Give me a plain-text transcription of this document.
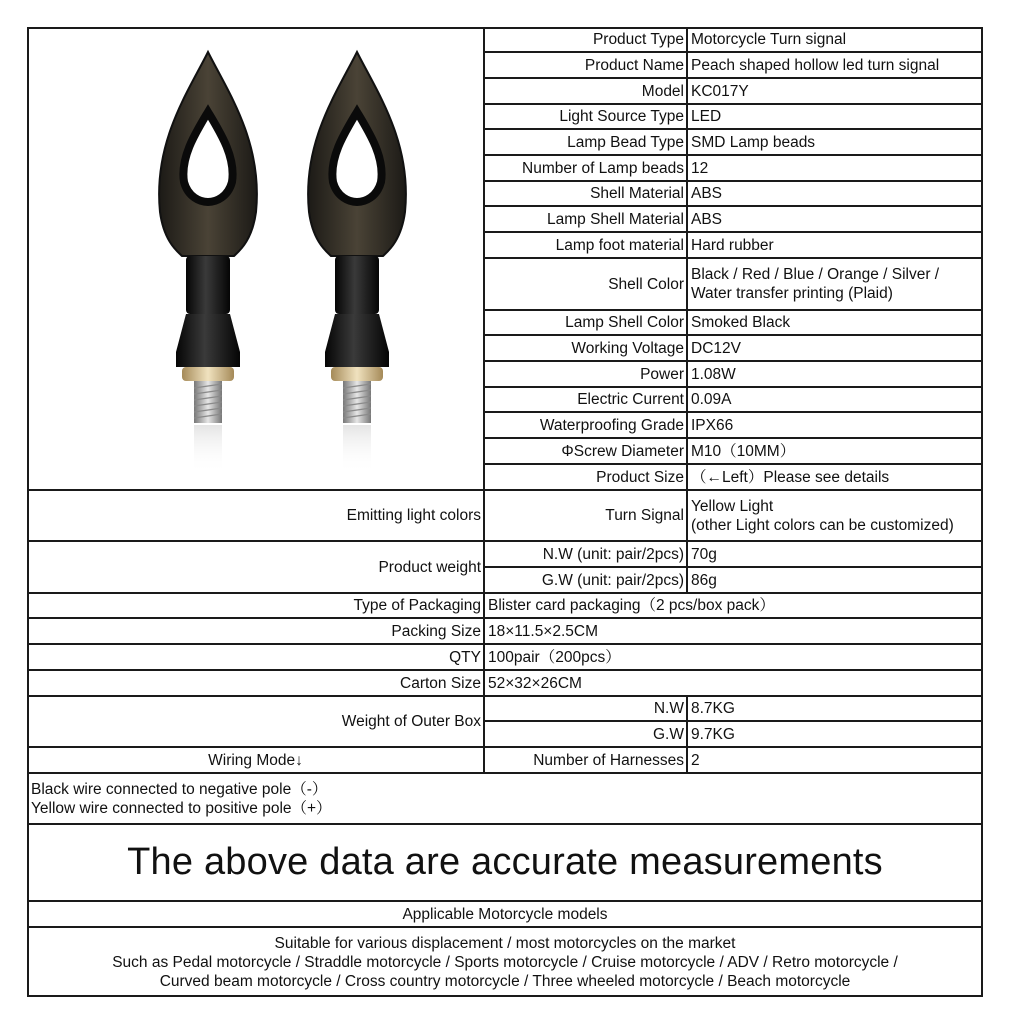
Product Type Motorcycle Turn signal
Product Name Peach shaped hollow led turn signal
Model KC017Y
Light Source Type LED
Lamp Bead Type SMD Lamp beads
Number of Lamp beads 12
Shell Material ABS
Lamp Shell Material ABS
Lamp foot material Hard rubber
Shell Color
Black / Red / Blue / Orange / Silver /
Water transfer printing (Plaid)
Lamp Shell Color Smoked Black
Working Voltage DC12V
Power 1.08W
Electric Current 0.09A
Waterproofing Grade IPX66
ΦScrew Diameter M10（10MM）
Product Size （←Left）Please see details
Emitting light colors	Turn Signal
Yellow Light
(other Light colors can be customized)
Product weight
N.W (unit: pair/2pcs) 70g
G.W (unit: pair/2pcs) 86g
Type of Packaging Blister card packaging（2 pcs/box pack）
Packing Size 18×11.5×2.5CM
QTY 100pair（200pcs）
Carton Size 52×32×26CM
Weight of Outer Box
N.W 8.7KG
G.W 9.7KG
Wiring Mode↓	Number of Harnesses 2
Black wire connected to negative pole（-）
Yellow wire connected to positive pole（+）
The above data are accurate measurements
Applicable Motorcycle models
Suitable for various displacement / most motorcycles on the market
Such as Pedal motorcycle / Straddle motorcycle / Sports motorcycle / Cruise motorcycle / ADV / Retro motorcycle /
Curved beam motorcycle / Cross country motorcycle / Three wheeled motorcycle / Beach motorcycle
